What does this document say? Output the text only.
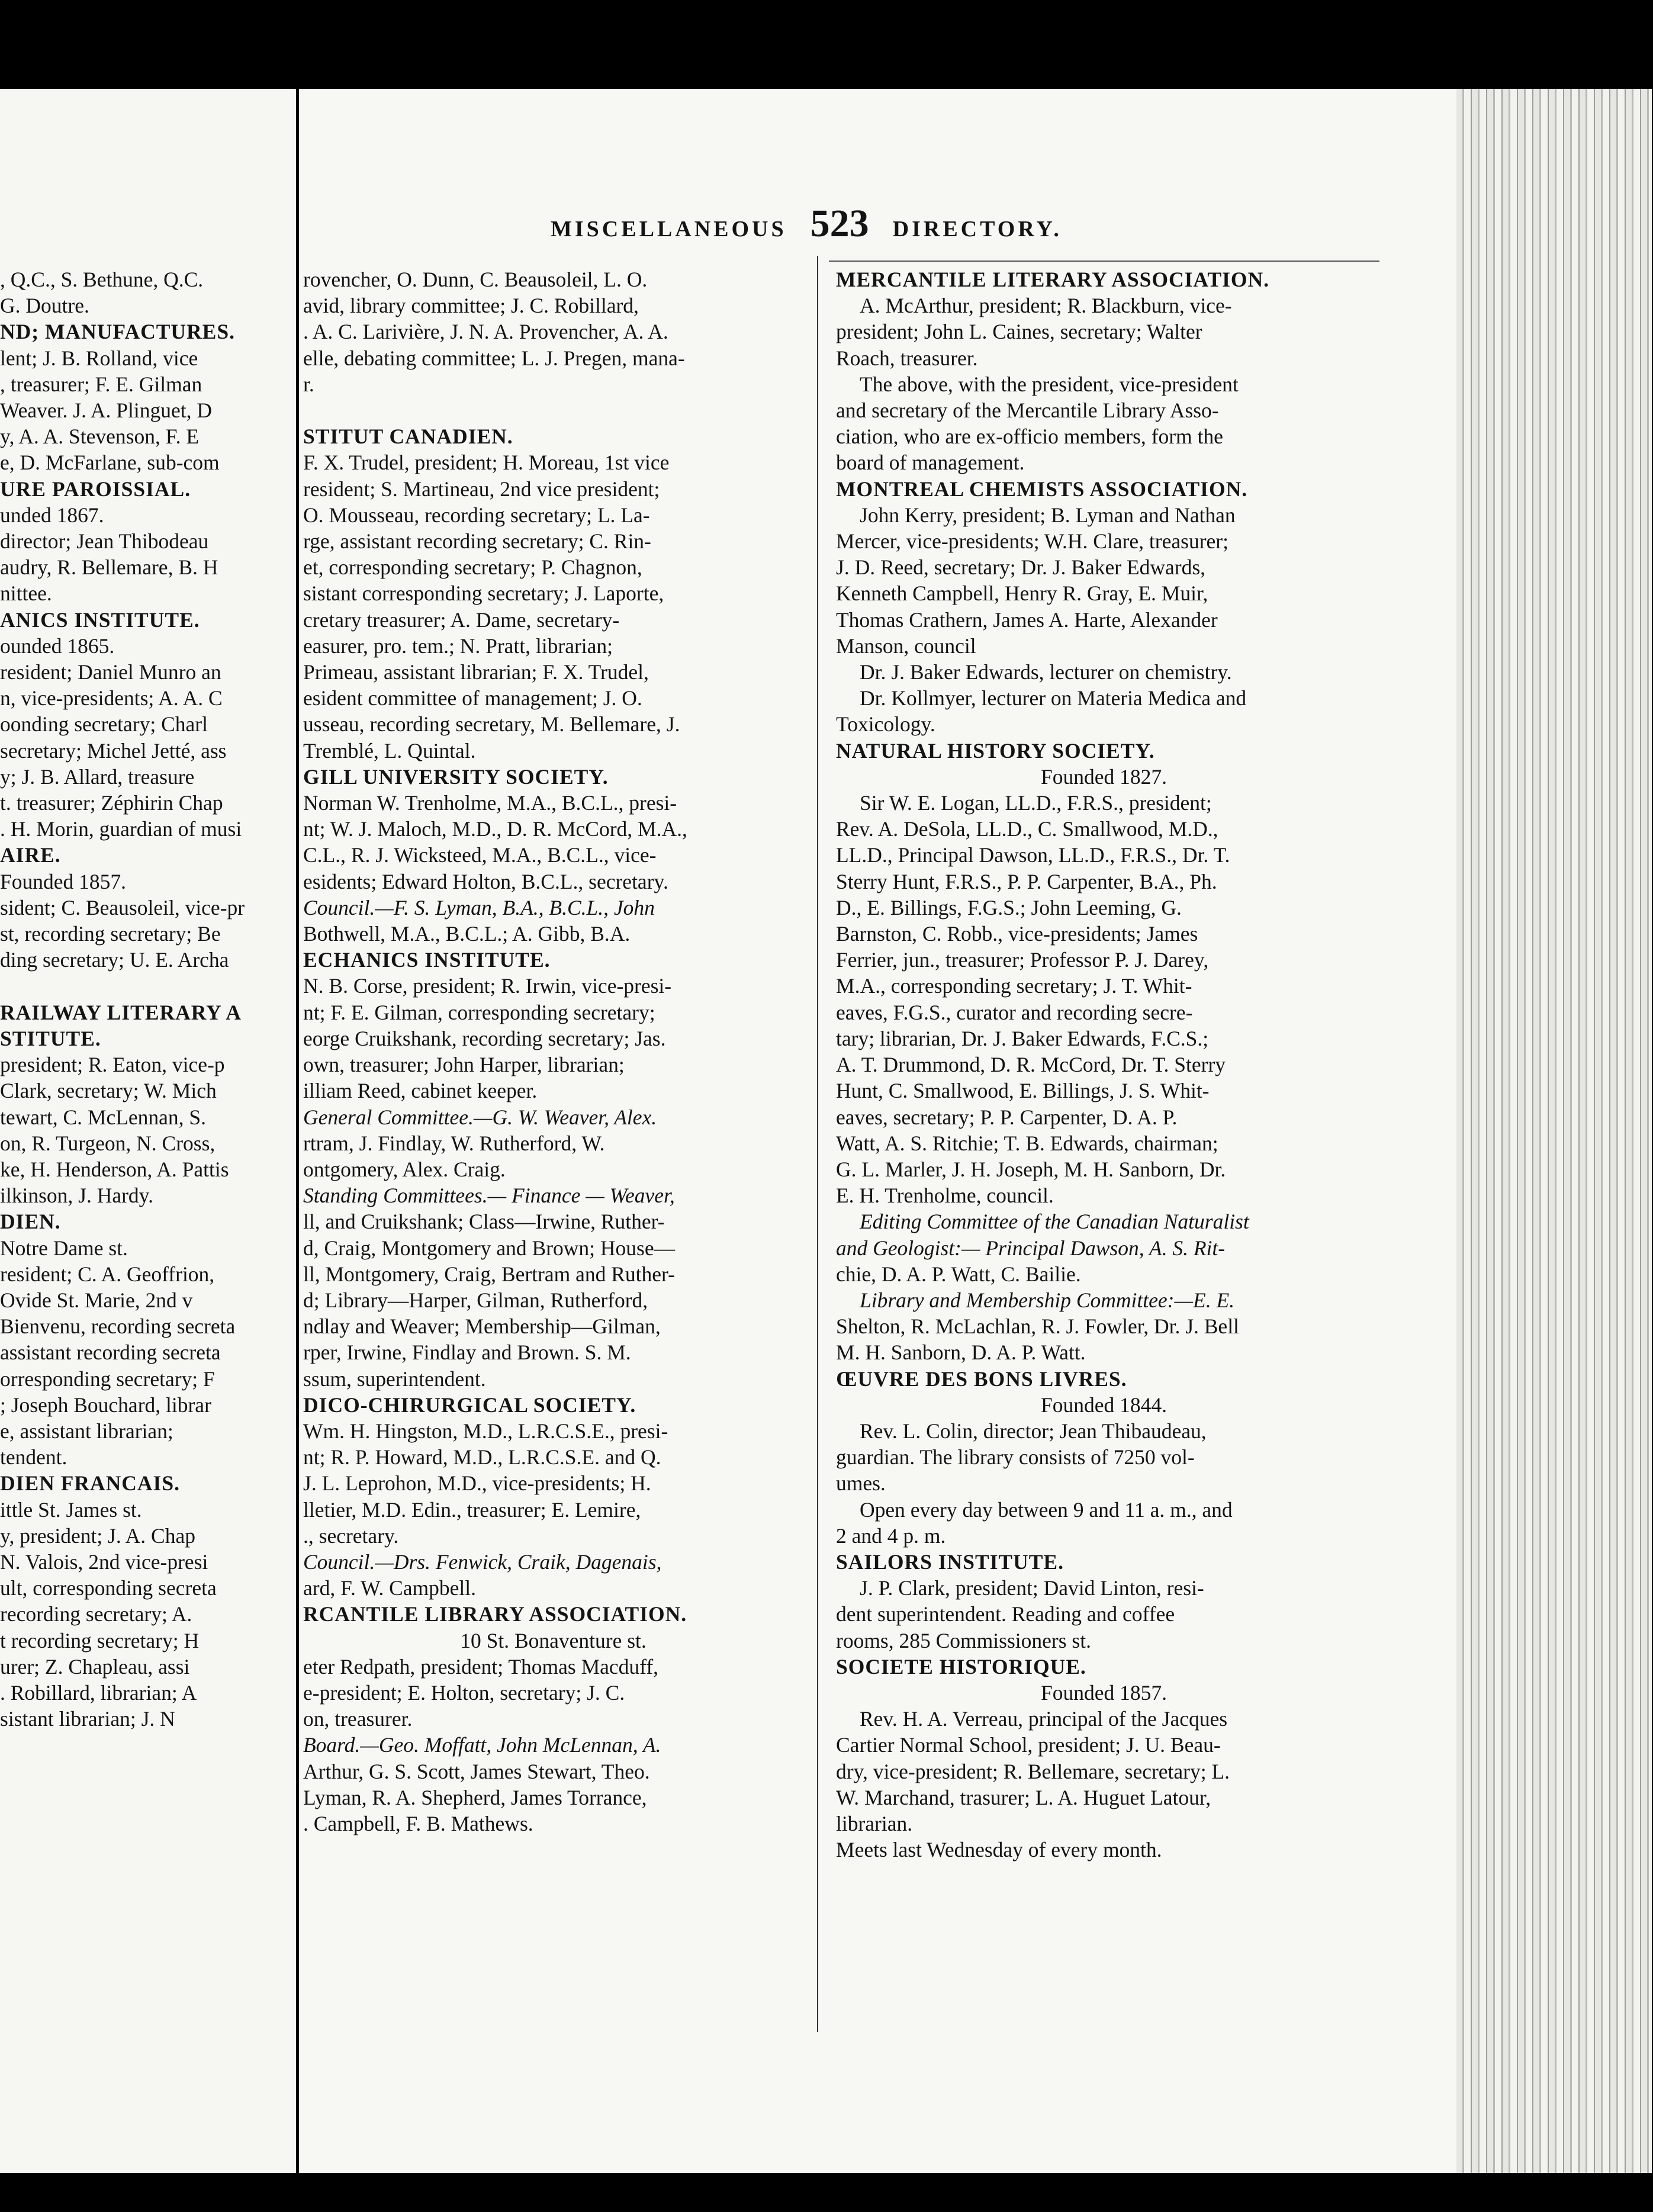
MISCELLANEOUS 523 DIRECTORY.
, Q.C., S. Bethune, Q.C.
G. Doutre.
ND; MANUFACTURES.
lent; J. B. Rolland, vice
, treasurer; F. E. Gilman
Weaver. J. A. Plinguet, D
y, A. A. Stevenson, F. E
e, D. McFarlane, sub-com
URE PAROISSIAL.
unded 1867.
director; Jean Thibodeau
audry, R. Bellemare, B. H
nittee.
ANICS INSTITUTE.
ounded 1865.
resident; Daniel Munro an
n, vice-presidents; A. A. C
oonding secretary; Charl
secretary; Michel Jetté, ass
y; J. B. Allard, treasure
t. treasurer; Zéphirin Chap
. H. Morin, guardian of musi
AIRE.
Founded 1857.
sident; C. Beausoleil, vice-pr
st, recording secretary; Be
ding secretary; U. E. Archa

RAILWAY LITERARY A
STITUTE.
president; R. Eaton, vice-p
Clark, secretary; W. Mich
tewart, C. McLennan, S.
on, R. Turgeon, N. Cross,
ke, H. Henderson, A. Pattis
ilkinson, J. Hardy.
DIEN.
Notre Dame st.
resident; C. A. Geoffrion,
Ovide St. Marie, 2nd v
Bienvenu, recording secreta
assistant recording secreta
orresponding secretary; F
; Joseph Bouchard, librar
e, assistant librarian;
tendent.
DIEN FRANCAIS.
ittle St. James st.
y, president; J. A. Chap
N. Valois, 2nd vice-presi
ult, corresponding secreta
recording secretary; A.
t recording secretary; H
urer; Z. Chapleau, assi
. Robillard, librarian; A
sistant librarian; J. N
rovencher, O. Dunn, C. Beausoleil, L. O.
avid, library committee; J. C. Robillard,
. A. C. Larivière, J. N. A. Provencher, A. A.
elle, debating committee; L. J. Pregen, mana-
r.

STITUT CANADIEN.
F. X. Trudel, president; H. Moreau, 1st vice
resident; S. Martineau, 2nd vice president;
O. Mousseau, recording secretary; L. La-
rge, assistant recording secretary; C. Rin-
et, corresponding secretary; P. Chagnon,
sistant corresponding secretary; J. Laporte,
cretary treasurer; A. Dame, secretary-
easurer, pro. tem.; N. Pratt, librarian;
Primeau, assistant librarian; F. X. Trudel,
esident committee of management; J. O.
usseau, recording secretary, M. Bellemare, J.
Tremblé, L. Quintal.
GILL UNIVERSITY SOCIETY.
Norman W. Trenholme, M.A., B.C.L., presi-
nt; W. J. Maloch, M.D., D. R. McCord, M.A.,
C.L., R. J. Wicksteed, M.A., B.C.L., vice-
esidents; Edward Holton, B.C.L., secretary.
Council.—F. S. Lyman, B.A., B.C.L., John
Bothwell, M.A., B.C.L.; A. Gibb, B.A.
ECHANICS INSTITUTE.
N. B. Corse, president; R. Irwin, vice-presi-
nt; F. E. Gilman, corresponding secretary;
eorge Cruikshank, recording secretary; Jas.
own, treasurer; John Harper, librarian;
illiam Reed, cabinet keeper.
General Committee.—G. W. Weaver, Alex.
rtram, J. Findlay, W. Rutherford, W.
ontgomery, Alex. Craig.
Standing Committees.— Finance — Weaver,
ll, and Cruikshank; Class—Irwine, Ruther-
d, Craig, Montgomery and Brown; House—
ll, Montgomery, Craig, Bertram and Ruther-
d; Library—Harper, Gilman, Rutherford,
ndlay and Weaver; Membership—Gilman,
rper, Irwine, Findlay and Brown. S. M.
ssum, superintendent.
DICO-CHIRURGICAL SOCIETY.
Wm. H. Hingston, M.D., L.R.C.S.E., presi-
nt; R. P. Howard, M.D., L.R.C.S.E. and Q.
J. L. Leprohon, M.D., vice-presidents; H.
lletier, M.D. Edin., treasurer; E. Lemire,
., secretary.
Council.—Drs. Fenwick, Craik, Dagenais,
ard, F. W. Campbell.
RCANTILE LIBRARY ASSOCIATION.
10 St. Bonaventure st.
eter Redpath, president; Thomas Macduff,
e-president; E. Holton, secretary; J. C.
on, treasurer.
Board.—Geo. Moffatt, John McLennan, A.
Arthur, G. S. Scott, James Stewart, Theo.
Lyman, R. A. Shepherd, James Torrance,
. Campbell, F. B. Mathews.
MERCANTILE LITERARY ASSOCIATION.
A. McArthur, president; R. Blackburn, vice-
president; John L. Caines, secretary; Walter
Roach, treasurer.
The above, with the president, vice-president
and secretary of the Mercantile Library Asso-
ciation, who are ex-officio members, form the
board of management.
MONTREAL CHEMISTS ASSOCIATION.
John Kerry, president; B. Lyman and Nathan
Mercer, vice-presidents; W.H. Clare, treasurer;
J. D. Reed, secretary; Dr. J. Baker Edwards,
Kenneth Campbell, Henry R. Gray, E. Muir,
Thomas Crathern, James A. Harte, Alexander
Manson, council
Dr. J. Baker Edwards, lecturer on chemistry.
Dr. Kollmyer, lecturer on Materia Medica and
Toxicology.
NATURAL HISTORY SOCIETY.
Founded 1827.
Sir W. E. Logan, LL.D., F.R.S., president;
Rev. A. DeSola, LL.D., C. Smallwood, M.D.,
LL.D., Principal Dawson, LL.D., F.R.S., Dr. T.
Sterry Hunt, F.R.S., P. P. Carpenter, B.A., Ph.
D., E. Billings, F.G.S.; John Leeming, G.
Barnston, C. Robb., vice-presidents; James
Ferrier, jun., treasurer; Professor P. J. Darey,
M.A., corresponding secretary; J. T. Whit-
eaves, F.G.S., curator and recording secre-
tary; librarian, Dr. J. Baker Edwards, F.C.S.;
A. T. Drummond, D. R. McCord, Dr. T. Sterry
Hunt, C. Smallwood, E. Billings, J. S. Whit-
eaves, secretary; P. P. Carpenter, D. A. P.
Watt, A. S. Ritchie; T. B. Edwards, chairman;
G. L. Marler, J. H. Joseph, M. H. Sanborn, Dr.
E. H. Trenholme, council.
Editing Committee of the Canadian Naturalist
and Geologist:— Principal Dawson, A. S. Rit-
chie, D. A. P. Watt, C. Bailie.
Library and Membership Committee:—E. E.
Shelton, R. McLachlan, R. J. Fowler, Dr. J. Bell
M. H. Sanborn, D. A. P. Watt.
ŒUVRE DES BONS LIVRES.
Founded 1844.
Rev. L. Colin, director; Jean Thibaudeau,
guardian. The library consists of 7250 vol-
umes.
Open every day between 9 and 11 a. m., and
2 and 4 p. m.
SAILORS INSTITUTE.
J. P. Clark, president; David Linton, resi-
dent superintendent. Reading and coffee
rooms, 285 Commissioners st.
SOCIETE HISTORIQUE.
Founded 1857.
Rev. H. A. Verreau, principal of the Jacques
Cartier Normal School, president; J. U. Beau-
dry, vice-president; R. Bellemare, secretary; L.
W. Marchand, trasurer; L. A. Huguet Latour,
librarian.
Meets last Wednesday of every month.
